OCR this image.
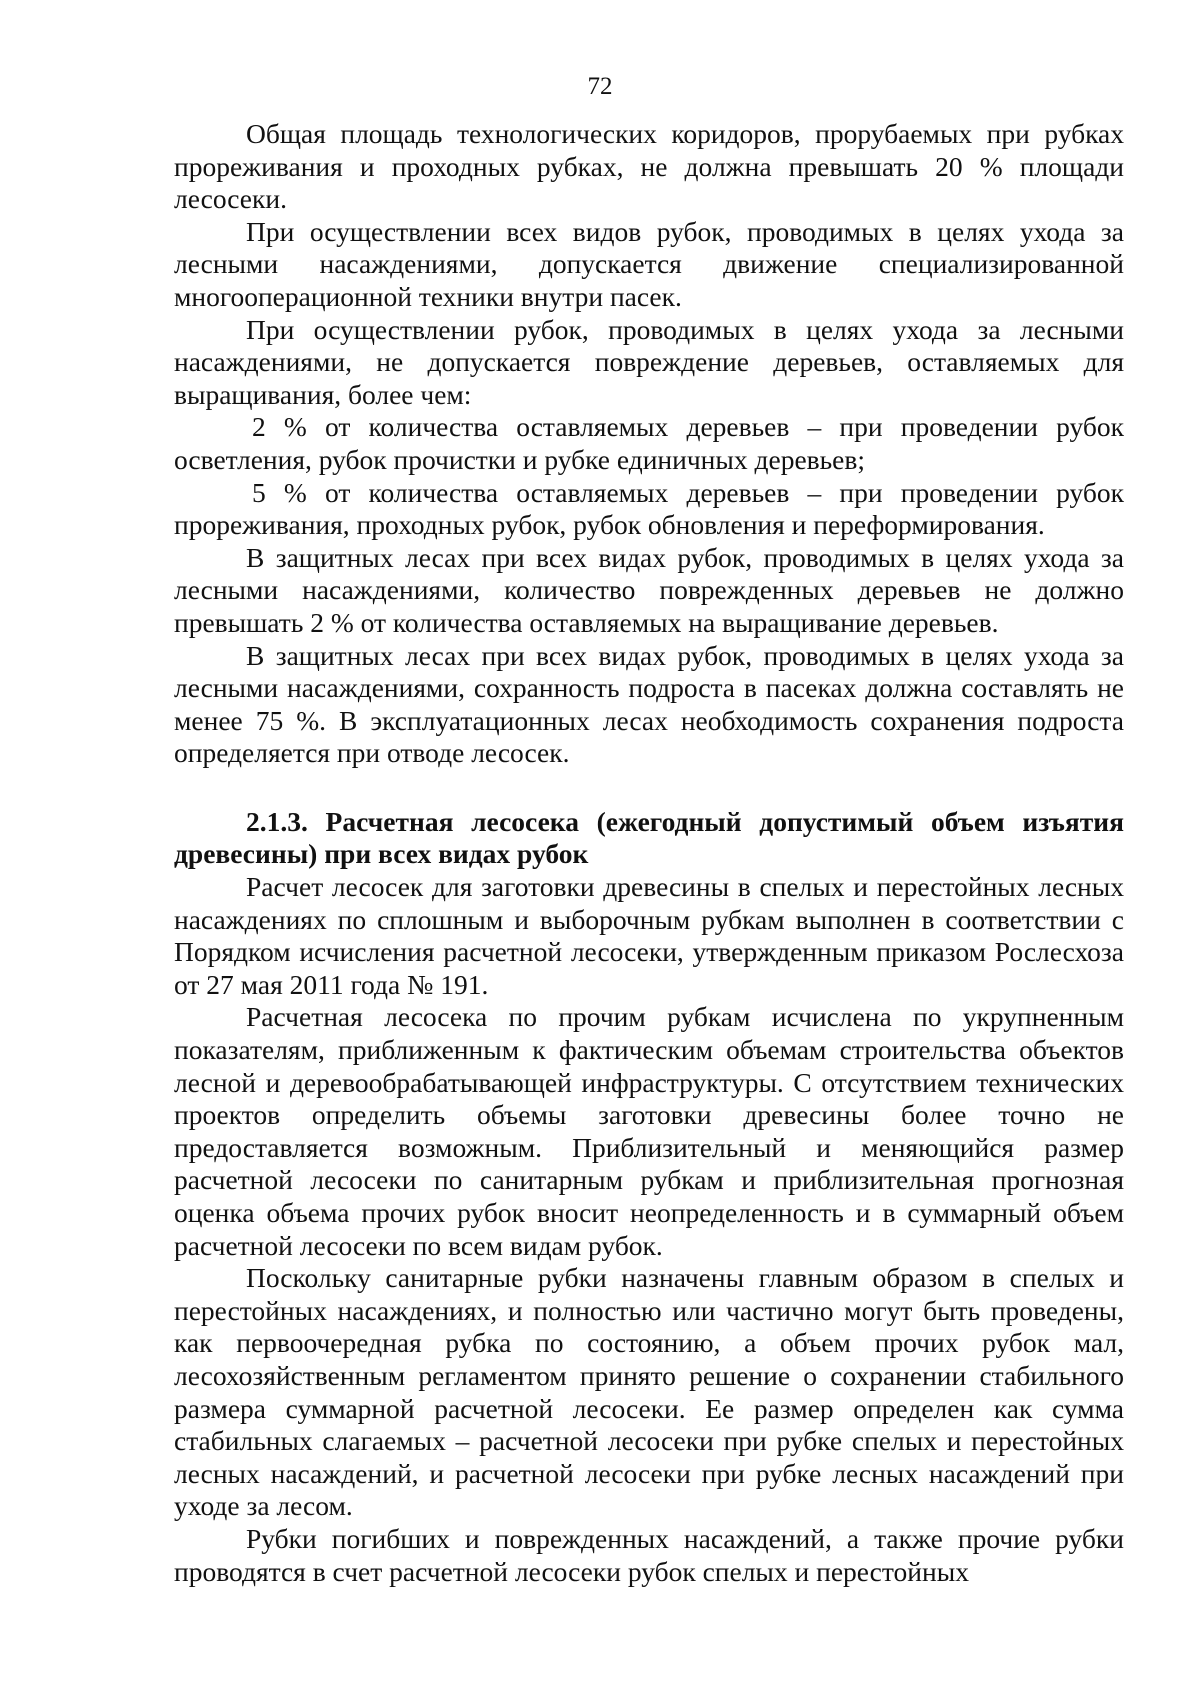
72

Общая площадь технологических коридоров, прорубаемых при рубках прореживания и проходных рубках, не должна превышать 20 % площади лесосеки.

При осуществлении всех видов рубок, проводимых в целях ухода за лесными насаждениями, допускается движение специализированной многооперационной техники внутри пасек.

При осуществлении рубок, проводимых в целях ухода за лесными насаждениями, не допускается повреждение деревьев, оставляемых для выращивания, более чем:

2 % от количества оставляемых деревьев – при проведении рубок осветления, рубок прочистки и рубке единичных деревьев;

5 % от количества оставляемых деревьев – при проведении рубок прореживания, проходных рубок, рубок обновления и переформирования.

В защитных лесах при всех видах рубок, проводимых в целях ухода за лесными насаждениями, количество поврежденных деревьев не должно превышать 2 % от количества оставляемых на выращивание деревьев.

В защитных лесах при всех видах рубок, проводимых в целях ухода за лесными насаждениями, сохранность подроста в пасеках должна составлять не менее 75 %. В эксплуатационных лесах необходимость сохранения подроста определяется при отводе лесосек.

2.1.3. Расчетная лесосека (ежегодный допустимый объем изъятия древесины) при всех видах рубок

Расчет лесосек для заготовки древесины в спелых и перестойных лесных насаждениях по сплошным и выборочным рубкам выполнен в соответствии с Порядком исчисления расчетной лесосеки, утвержденным приказом Рослесхоза от 27 мая 2011 года № 191.

Расчетная лесосека по прочим рубкам исчислена по укрупненным показателям, приближенным к фактическим объемам строительства объектов лесной и деревообрабатывающей инфраструктуры. С отсутствием технических проектов определить объемы заготовки древесины более точно не предоставляется возможным. Приблизительный и меняющийся размер расчетной лесосеки по санитарным рубкам и приблизительная прогнозная оценка объема прочих рубок вносит неопределенность и в суммарный объем расчетной лесосеки по всем видам рубок.

Поскольку санитарные рубки назначены главным образом в спелых и перестойных насаждениях, и полностью или частично могут быть проведены, как первоочередная рубка по состоянию, а объем прочих рубок мал, лесохозяйственным регламентом принято решение о сохранении стабильного размера суммарной расчетной лесосеки. Ее размер определен как сумма стабильных слагаемых – расчетной лесосеки при рубке спелых и перестойных лесных насаждений, и расчетной лесосеки при рубке лесных насаждений при уходе за лесом.

Рубки погибших и поврежденных насаждений, а также прочие рубки проводятся в счет расчетной лесосеки рубок спелых и перестойных
